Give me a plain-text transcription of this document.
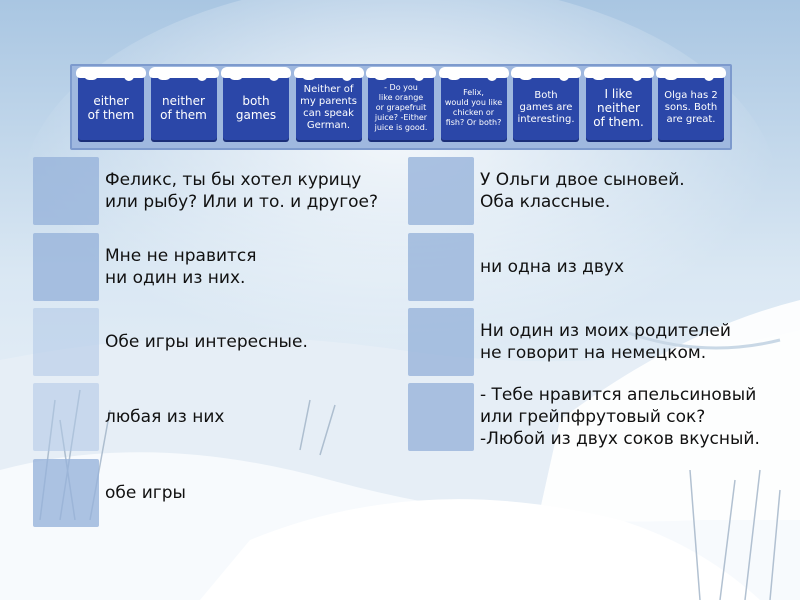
either
of them
neither
of them
both
games
Neither of
my parents
can speak
German.
- Do you
like orange
or grapefruit
juice? -Either
juice is good.
Felix,
would you like
chicken or
fish? Or both?
Both
games are
interesting.
I like
neither
of them.
Olga has 2
sons. Both
are great.
Феликс, ты бы хотел курицу
или рыбу? Или и то. и другое?
Мне не нравится
ни один из них.
Обе игры интересные.
любая из них
обе игры
У Ольги двое сыновей.
Оба классные.
ни одна из двух
Ни один из моих родителей
не говорит на немецком.
- Тебе нравится апельсиновый
или грейпфрутовый сок?
-Любой из двух соков вкусный.
